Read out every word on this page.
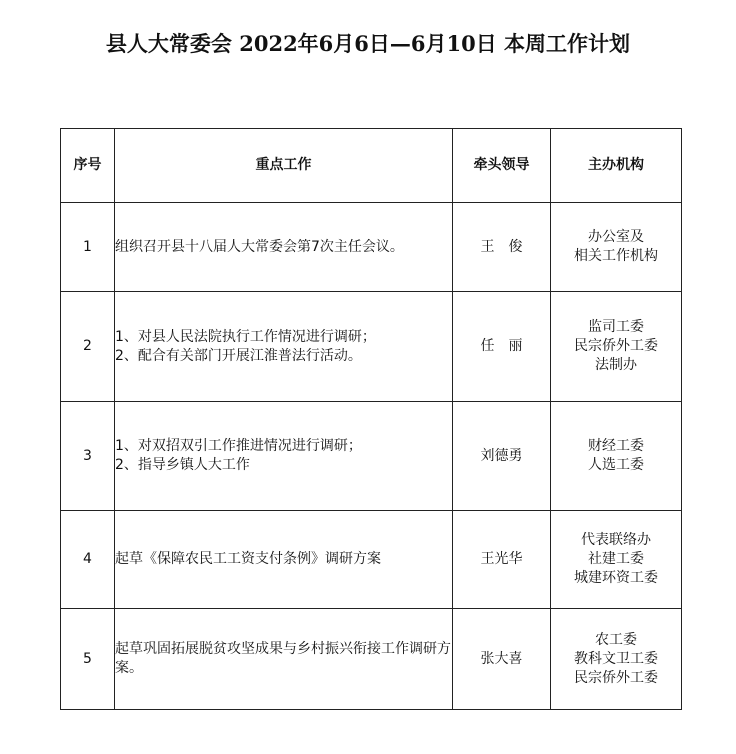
县人大常委会 2022年6月6日—6月10日 本周工作计划
序号	重点工作	牵头领导	主办机构
1	组织召开县十八届人大常委会第7次主任会议。	王俊	办公室及
相关工作机构

2	1、对县人民法院执行工作情况进行调研；
2、配合有关部门开展江淮普法行活动。	任丽	监司工委
民宗侨外工委
法制办

3	1、对双招双引工作推进情况进行调研；
2、指导乡镇人大工作	刘德勇	财经工委
人选工委

4	起草《保障农民工工资支付条例》调研方案	王光华	代表联络办
社建工委
城建环资工委

5	起草巩固拓展脱贫攻坚成果与乡村振兴衔接工作调研方案。	张大喜	农工委
教科文卫工委
民宗侨外工委
